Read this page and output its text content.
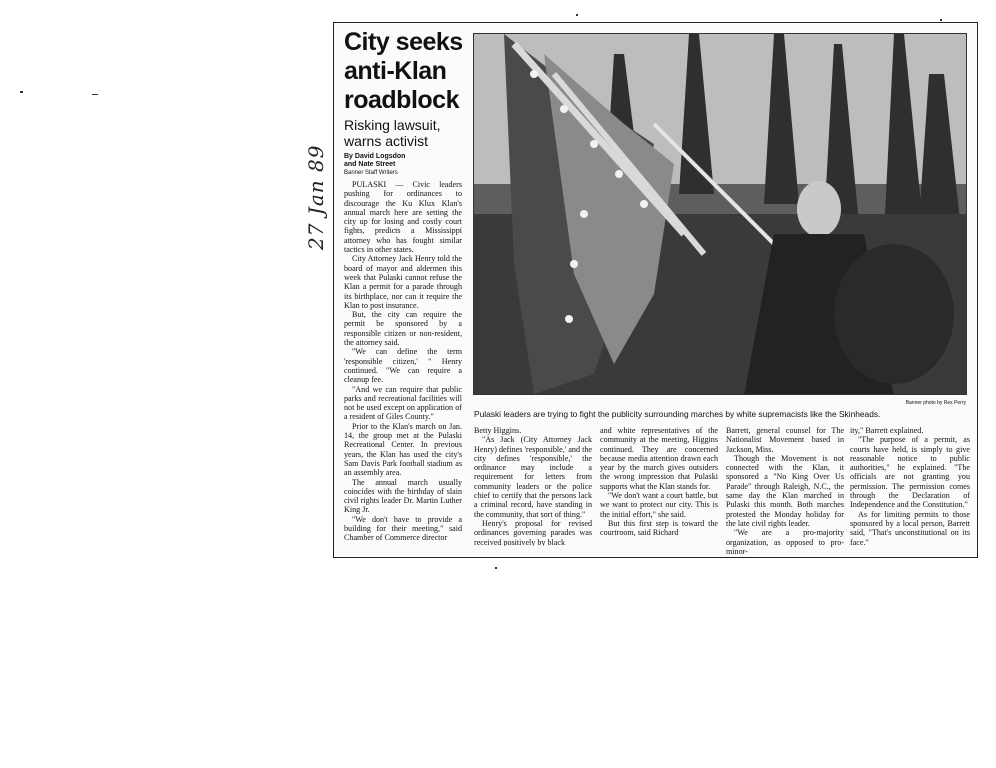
27 Jan 89
City seeks
anti-Klan
roadblock
Risking lawsuit, warns activist
By David Logsdon
and Nate Street
Banner Staff Writers

PULASKI — Civic leaders pushing for ordinances to discourage the Ku Klux Klan's annual march here are setting the city up for losing and costly court fights, predicts a Mississippi attorney who has fought similar tactics in other states.

City Attorney Jack Henry told the board of mayor and aldermen this week that Pulaski cannot refuse the Klan a permit for a parade through its birthplace, nor can it require the Klan to post insurance.

But, the city can require the permit be sponsored by a responsible citizen or non-resident, the attorney said.

"We can define the term 'responsible citizen,' " Henry continued. "We can require a cleanup fee.

"And we can require that public parks and recreational facilities will not be used except on application of a resident of Giles County."

Prior to the Klan's march on Jan. 14, the group met at the Pulaski Recreational Center. In previous years, the Klan has used the city's Sam Davis Park football stadium as an assembly area.

The annual march usually coincides with the birthday of slain civil rights leader Dr. Martin Luther King Jr.

"We don't have to provide a building for their meeting," said Chamber of Commerce director

Banner photo by Rex Perry
Pulaski leaders are trying to fight the publicity surrounding marches by white supremacists like the Skinheads.

Betty Higgins.

"As Jack (City Attorney Jack Henry) defines 'responsible,' and the city defines 'responsible,' the ordinance may include a requirement for letters from community leaders or the police chief to certify that the persons lack a criminal record, have standing in the community, that sort of thing."

Henry's proposal for revised ordinances governing parades was received positively by black

and white representatives of the community at the meeting, Higgins continued. They are concerned because media attention drawn each year by the march gives outsiders the wrong impression that Pulaski supports what the Klan stands for.

"We don't want a court battle, but we want to protect our city. This is the initial effort," she said.

But this first step is toward the courtroom, said Richard

Barrett, general counsel for The Nationalist Movement based in Jackson, Miss.

Though the Movement is not connected with the Klan, it sponsored a "No King Over Us Parade" through Raleigh, N.C., the same day the Klan marched in Pulaski this month. Both marches protested the Monday holiday for the late civil rights leader.

"We are a pro-majority organization, as opposed to pro-minor-

ity," Barrett explained.

"The purpose of a permit, as courts have held, is simply to give reasonable notice to public authorities," he explained. "The officials are not granting you permission. The permission comes through the Declaration of Independence and the Constitution."

As for limiting permits to those sponsored by a local person, Barrett said, "That's unconstitutional on its face."
